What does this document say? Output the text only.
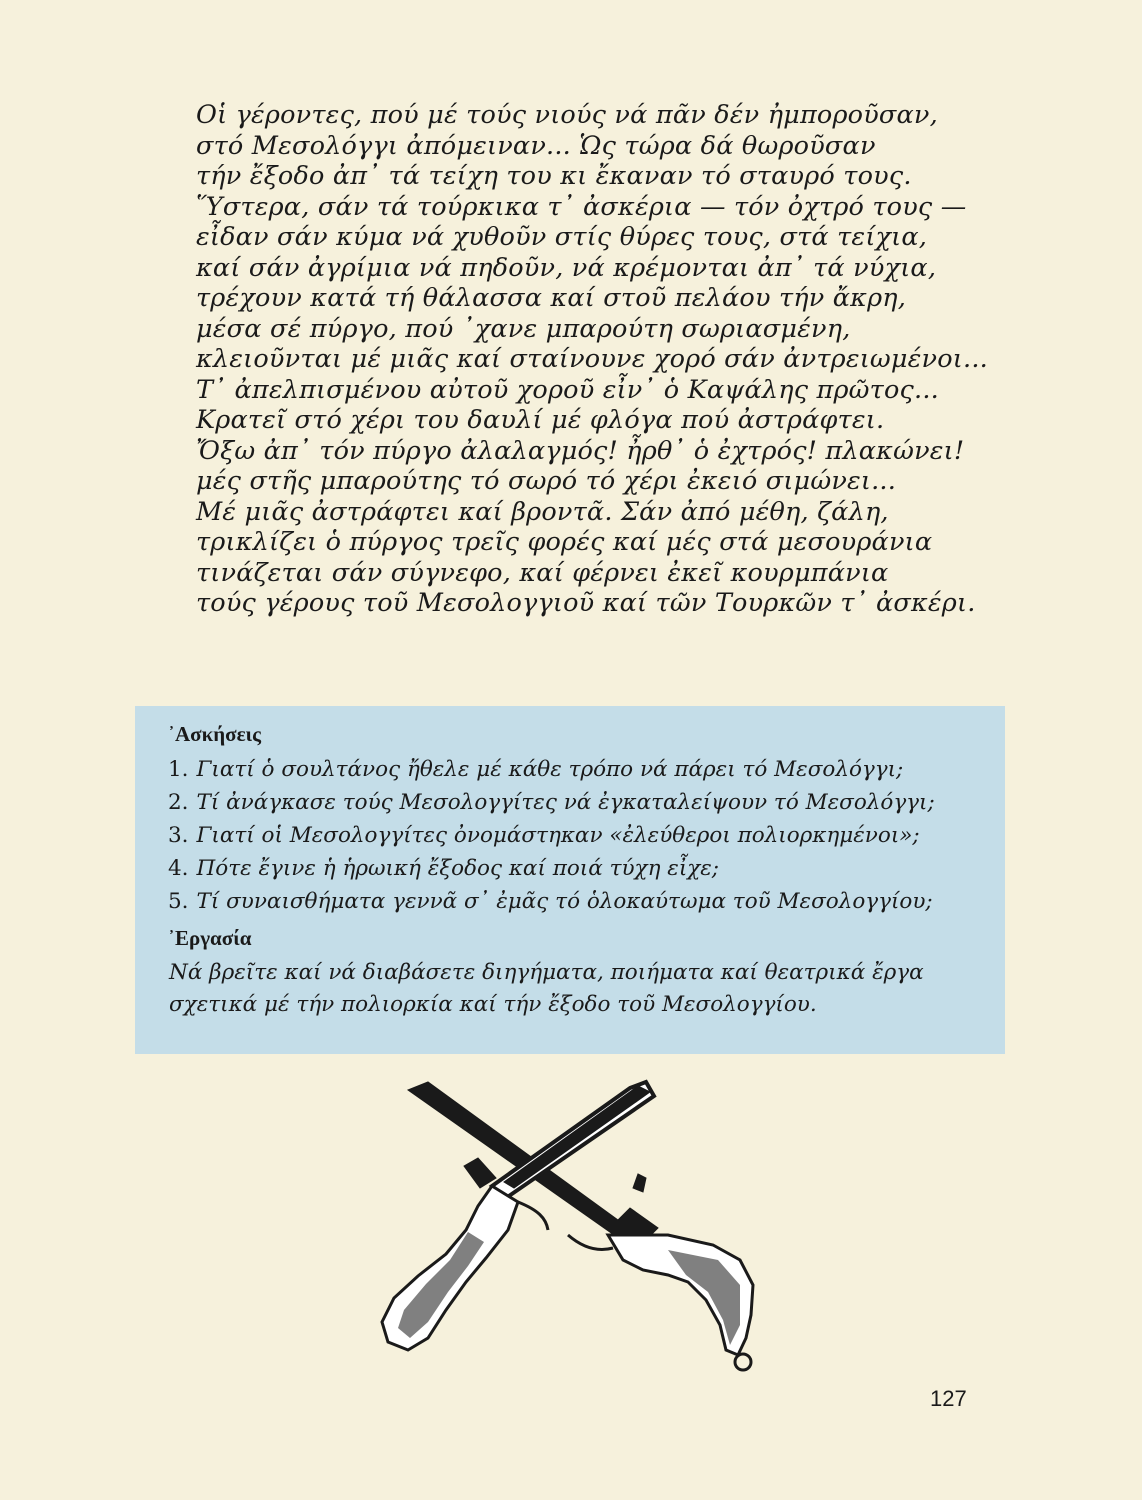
Οἱ γέροντες, πού μέ τούς νιούς νά πᾶν δέν ἠμποροῦσαν,
στό Μεσολόγγι ἀπόμειναν... Ὡς τώρα δά θωροῦσαν
τήν ἔξοδο ἀπ᾽ τά τείχη του κι ἔκαναν τό σταυρό τους.
Ὕστερα, σάν τά τούρκικα τ᾽ ἀσκέρια — τόν ὀχτρό τους —
εἶδαν σάν κύμα νά χυθοῦν στίς θύρες τους, στά τείχια,
καί σάν ἀγρίμια νά πηδοῦν, νά κρέμονται ἀπ᾽ τά νύχια,
τρέχουν κατά τή θάλασσα καί στοῦ πελάου τήν ἄκρη,
μέσα σέ πύργο, πού ᾽χανε μπαρούτη σωριασμένη,
κλειοῦνται μέ μιᾶς καί σταίνουνε χορό σάν ἀντρειωμένοι...
Τ᾽ ἀπελπισμένου αὐτοῦ χοροῦ εἶν᾽ ὁ Καψάλης πρῶτος...
Κρατεῖ στό χέρι του δαυλί μέ φλόγα πού ἀστράφτει.
Ὄξω ἀπ᾽ τόν πύργο ἀλαλαγμός! ἦρθ᾽ ὁ ἐχτρός! πλακώνει!
μές στῆς μπαρούτης τό σωρό τό χέρι ἐκειό σιμώνει...
Μέ μιᾶς ἀστράφτει καί βροντᾶ. Σάν ἀπό μέθη, ζάλη,
τρικλίζει ὁ πύργος τρεῖς φορές καί μές στά μεσουράνια
τινάζεται σάν σύγνεφο, καί φέρνει ἐκεῖ κουρμπάνια
τούς γέρους τοῦ Μεσολογγιοῦ καί τῶν Τουρκῶν τ᾽ ἀσκέρι.
᾽Ασκήσεις
1. Γιατί ὁ σουλτάνος ἤθελε μέ κάθε τρόπο νά πάρει τό Μεσολόγγι;
2. Τί ἀνάγκασε τούς Μεσολογγίτες νά ἐγκαταλείψουν τό Μεσολόγγι;
3. Γιατί οἱ Μεσολογγίτες ὀνομάστηκαν «ἐλεύθεροι πολιορκημένοι»;
4. Πότε ἔγινε ἡ ἡρωική ἔξοδος καί ποιά τύχη εἶχε;
5. Τί συναισθήματα γεννᾶ σ᾽ ἐμᾶς τό ὁλοκαύτωμα τοῦ Μεσολογγίου;
᾽Εργασία
Νά βρεῖτε καί νά διαβάσετε διηγήματα, ποιήματα καί θεατρικά ἔργα
σχετικά μέ τήν πολιορκία καί τήν ἔξοδο τοῦ Μεσολογγίου.
127
